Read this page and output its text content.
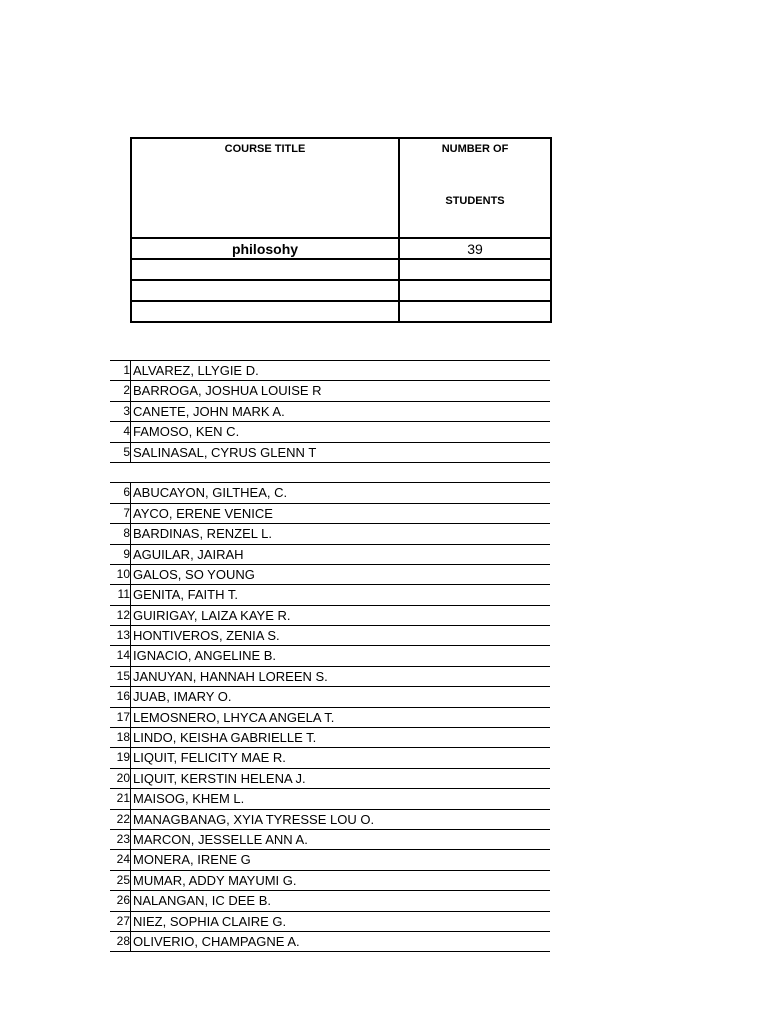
COURSE TITLE	NUMBER OF
STUDENTS

philosohy	39

1 ALVAREZ, LLYGIE D.
2 BARROGA, JOSHUA LOUISE R
3 CANETE, JOHN MARK A.
4 FAMOSO, KEN C.
5 SALINASAL, CYRUS GLENN T
6 ABUCAYON, GILTHEA, C.
7 AYCO, ERENE VENICE
8 BARDINAS, RENZEL L.
9 AGUILAR, JAIRAH
10 GALOS, SO YOUNG
11 GENITA, FAITH T.
12 GUIRIGAY, LAIZA KAYE R.
13 HONTIVEROS, ZENIA S.
14 IGNACIO, ANGELINE B.
15 JANUYAN, HANNAH LOREEN S.
16 JUAB, IMARY O.
17 LEMOSNERO, LHYCA ANGELA T.
18 LINDO, KEISHA GABRIELLE T.
19 LIQUIT, FELICITY MAE R.
20 LIQUIT, KERSTIN HELENA J.
21 MAISOG, KHEM L.
22 MANAGBANAG, XYIA TYRESSE LOU O.
23 MARCON, JESSELLE ANN A.
24 MONERA, IRENE G
25 MUMAR, ADDY MAYUMI G.
26 NALANGAN, IC DEE B.
27 NIEZ, SOPHIA CLAIRE G.
28 OLIVERIO, CHAMPAGNE A.
